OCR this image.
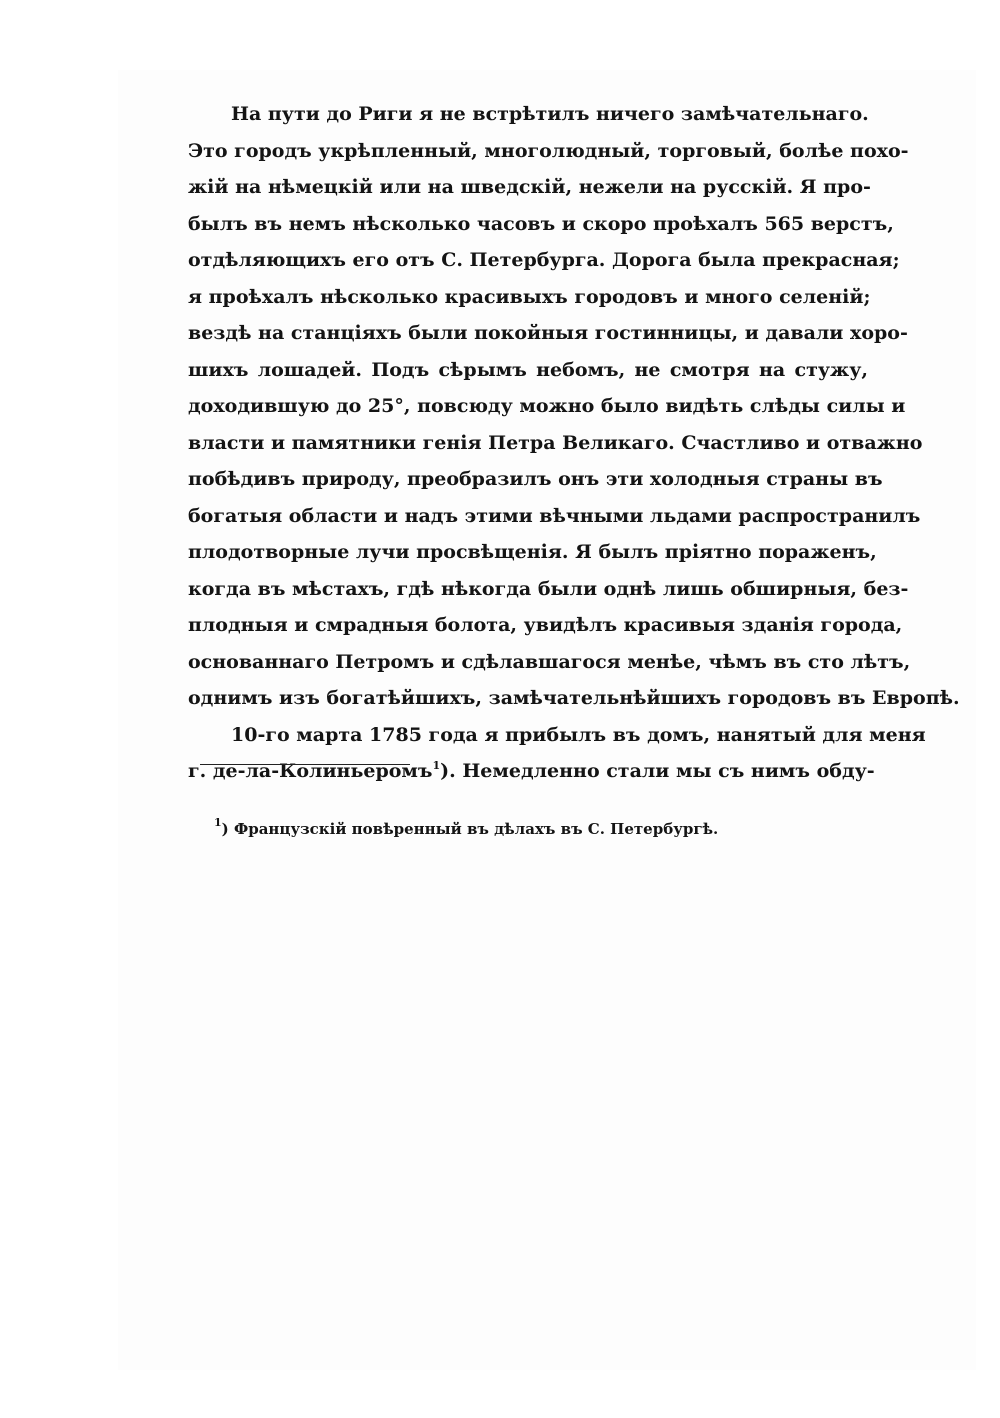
На пути до Риги я не встрѣтилъ ничего замѣчательнаго.
Это городъ укрѣпленный, многолюдный, торговый, болѣе похо-
жій на нѣмецкій или на шведскій, нежели на русскій. Я про-
былъ въ немъ нѣсколько часовъ и скоро проѣхалъ 565 верстъ,
отдѣляющихъ его отъ С. Петербурга. Дорога была прекрасная;
я проѣхалъ нѣсколько красивыхъ городовъ и много селеній;
вездѣ на станціяхъ были покойныя гостинницы, и давали хоро-
шихъ лошадей. Подъ сѣрымъ небомъ, не смотря на стужу,
доходившую до 25°, повсюду можно было видѣть слѣды силы и
власти и памятники генія Петра Великаго. Счастливо и отважно
побѣдивъ природу, преобразилъ онъ эти холодныя страны въ
богатыя области и надъ этими вѣчными льдами распространилъ
плодотворные лучи просвѣщенія. Я былъ пріятно пораженъ,
когда въ мѣстахъ, гдѣ нѣкогда были однѣ лишь обширныя, без-
плодныя и смрадныя болота, увидѣлъ красивыя зданія города,
основаннаго Петромъ и сдѣлавшагося менѣе, чѣмъ въ сто лѣтъ,
однимъ изъ богатѣйшихъ, замѣчательнѣйшихъ городовъ въ Европѣ.
10-го марта 1785 года я прибылъ въ домъ, нанятый для меня
г. де-ла-Колиньеромъ$^1$). Немедленно стали мы съ нимъ обду-
$^1$) Французскій повѣренный въ дѣлахъ въ С. Петербургѣ.
